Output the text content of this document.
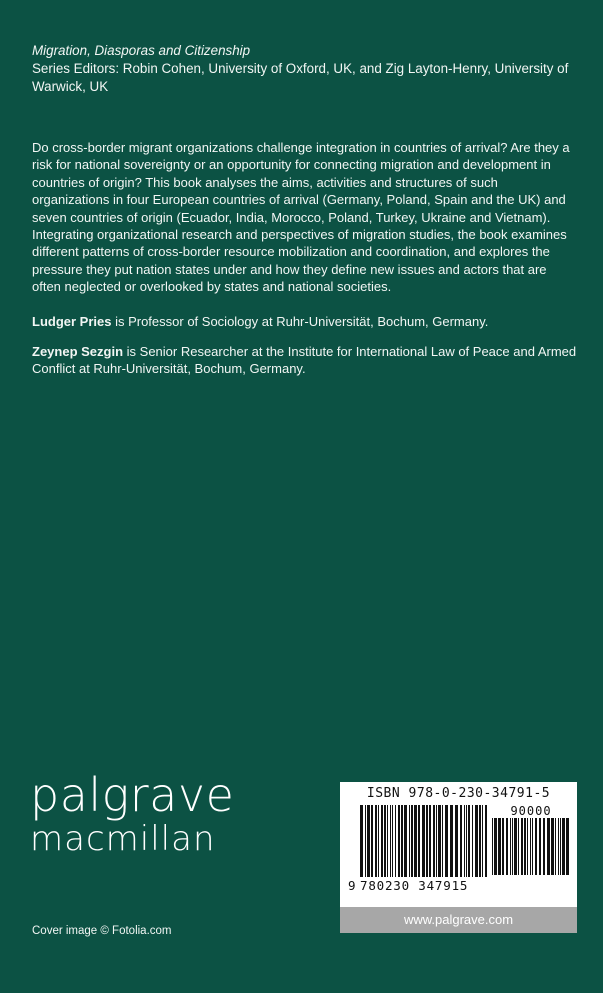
Migration, Diasporas and Citizenship
Series Editors: Robin Cohen, University of Oxford, UK, and Zig Layton-Henry, University of Warwick, UK

Do cross-border migrant organizations challenge integration in countries of arrival? Are they a risk for national sovereignty or an opportunity for connecting migration and development in countries of origin? This book analyses the aims, activities and structures of such organizations in four European countries of arrival (Germany, Poland, Spain and the UK) and seven countries of origin (Ecuador, India, Morocco, Poland, Turkey, Ukraine and Vietnam). Integrating organizational research and perspectives of migration studies, the book examines different patterns of cross-border resource mobilization and coordination, and explores the pressure they put nation states under and how they define new issues and actors that are often neglected or overlooked by states and national societies.

Ludger Pries is Professor of Sociology at Ruhr-Universität, Bochum, Germany.

Zeynep Sezgin is Senior Researcher at the Institute for International Law of Peace and Armed Conflict at Ruhr-Universität, Bochum, Germany.

palgrave
macmillan
Cover image © Fotolia.com
ISBN 978-0-230-34791-5
90000
9 780230 347915
www.palgrave.com
